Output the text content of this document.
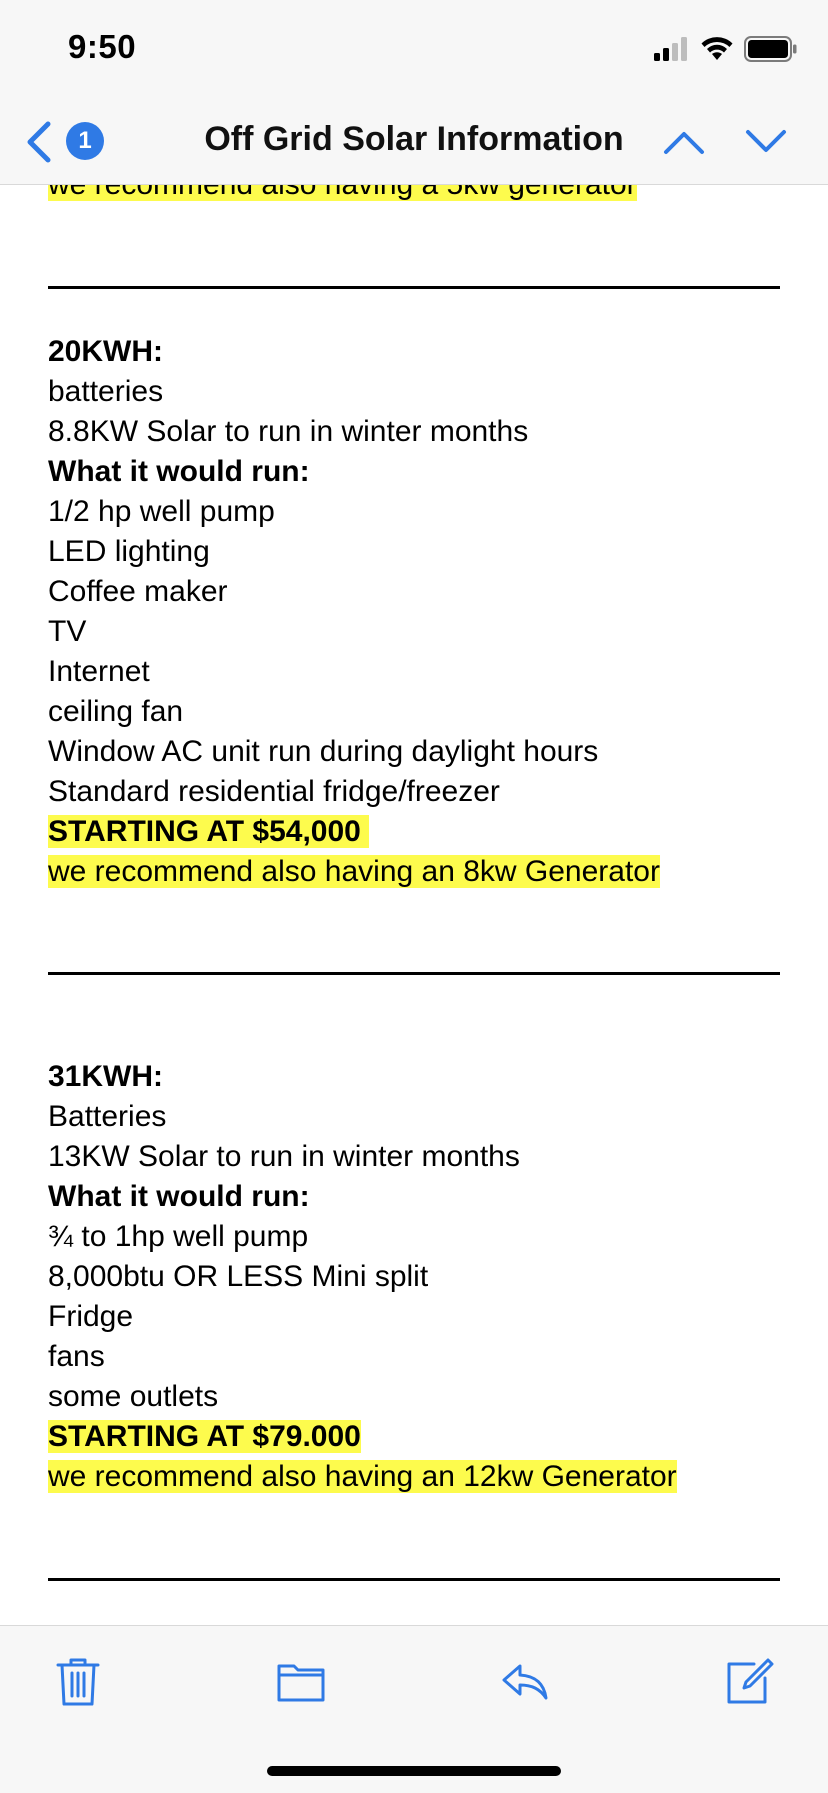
9:50
1	Off Grid Solar Information
20KWH:
batteries
8.8KW Solar to run in winter months
What it would run:
1/2 hp well pump
LED lighting
Coffee maker
TV
Internet
ceiling fan
Window AC unit run during daylight hours
Standard residential fridge/freezer
STARTING AT $54,000
we recommend also having an 8kw Generator
31KWH:
Batteries
13KW Solar to run in winter months
What it would run:
¾ to 1hp well pump
8,000btu OR LESS Mini split
Fridge
fans
some outlets
STARTING AT $79.000
we recommend also having an 12kw Generator
